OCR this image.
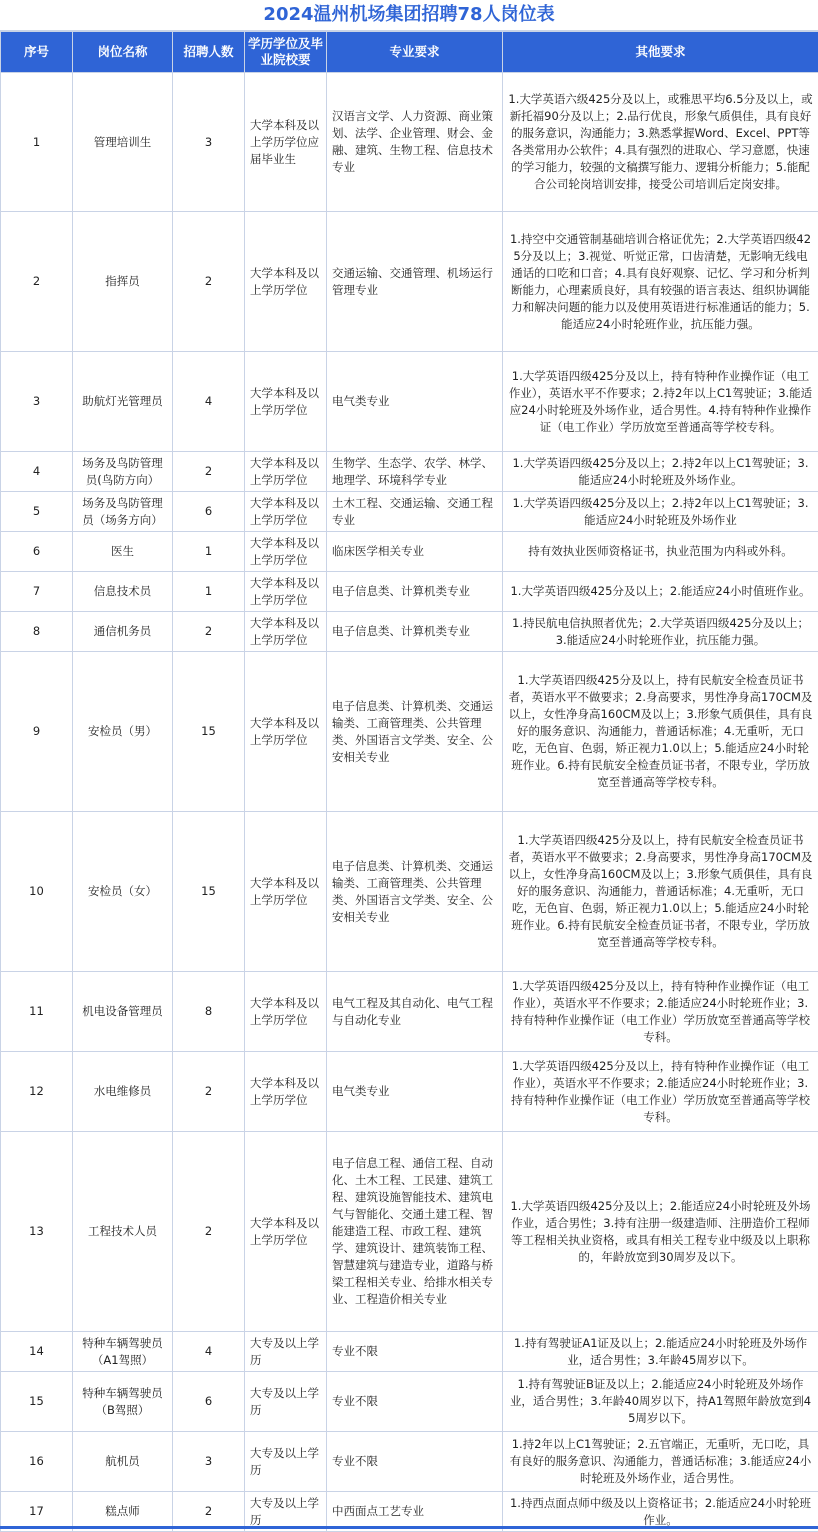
2024温州机场集团招聘78人岗位表
序号	岗位名称	招聘人数	学历学位及毕业院校要	专业要求	其他要求
1	管理培训生	3	大学本科及以上学历学位应届毕业生	汉语言文学、人力资源、商业策划、法学、企业管理、财会、金融、建筑、生物工程、信息技术专业	1.大学英语六级425分及以上，或雅思平均6.5分及以上，或新托福90分及以上；2.品行优良，形象气质俱佳，具有良好的服务意识，沟通能力；3.熟悉掌握Word、Excel、PPT等各类常用办公软件；4.具有强烈的进取心、学习意愿，快速的学习能力，较强的文稿撰写能力、逻辑分析能力；5.能配合公司轮岗培训安排，接受公司培训后定岗安排。
2	指挥员	2	大学本科及以上学历学位	交通运输、交通管理、机场运行管理专业	1.持空中交通管制基础培训合格证优先；2.大学英语四级425分及以上；3.视觉、听觉正常，口齿清楚，无影响无线电通话的口吃和口音；4.具有良好观察、记忆、学习和分析判断能力，心理素质良好，具有较强的语言表达、组织协调能力和解决问题的能力以及使用英语进行标准通话的能力；5.能适应24小时轮班作业，抗压能力强。
3	助航灯光管理员	4	大学本科及以上学历学位	电气类专业	1.大学英语四级425分及以上，持有特种作业操作证（电工作业），英语水平不作要求；2.持2年以上C1驾驶证；3.能适应24小时轮班及外场作业，适合男性。4.持有特种作业操作证（电工作业）学历放宽至普通高等学校专科。
4	场务及鸟防管理员(鸟防方向）	2	大学本科及以上学历学位	生物学、生态学、农学、林学、地理学、环境科学专业	1.大学英语四级425分及以上；2.持2年以上C1驾驶证；3.能适应24小时轮班及外场作业。
5	场务及鸟防管理员（场务方向）	6	大学本科及以上学历学位	土木工程、交通运输、交通工程专业	1.大学英语四级425分及以上；2.持2年以上C1驾驶证；3.能适应24小时轮班及外场作业
6	医生	1	大学本科及以上学历学位	临床医学相关专业	持有效执业医师资格证书，执业范围为内科或外科。
7	信息技术员	1	大学本科及以上学历学位	电子信息类、计算机类专业	1.大学英语四级425分及以上；2.能适应24小时值班作业。
8	通信机务员	2	大学本科及以上学历学位	电子信息类、计算机类专业	1.持民航电信执照者优先；2.大学英语四级425分及以上；3.能适应24小时轮班作业，抗压能力强。
9	安检员（男）	15	大学本科及以上学历学位	电子信息类、计算机类、交通运输类、工商管理类、公共管理类、外国语言文学类、安全、公安相关专业	1.大学英语四级425分及以上，持有民航安全检查员证书者，英语水平不做要求；2.身高要求，男性净身高170CM及以上，女性净身高160CM及以上；3.形象气质俱佳，具有良好的服务意识、沟通能力，普通话标准；4.无重听，无口吃，无色盲、色弱，矫正视力1.0以上；5.能适应24小时轮班作业。6.持有民航安全检查员证书者，不限专业，学历放宽至普通高等学校专科。
10	安检员（女）	15	大学本科及以上学历学位	电子信息类、计算机类、交通运输类、工商管理类、公共管理类、外国语言文学类、安全、公安相关专业	1.大学英语四级425分及以上，持有民航安全检查员证书者，英语水平不做要求；2.身高要求，男性净身高170CM及以上，女性净身高160CM及以上；3.形象气质俱佳，具有良好的服务意识、沟通能力，普通话标准；4.无重听，无口吃，无色盲、色弱，矫正视力1.0以上；5.能适应24小时轮班作业。6.持有民航安全检查员证书者，不限专业，学历放宽至普通高等学校专科。
11	机电设备管理员	8	大学本科及以上学历学位	电气工程及其自动化、电气工程与自动化专业	1.大学英语四级425分及以上，持有特种作业操作证（电工作业），英语水平不作要求；2.能适应24小时轮班作业；3.持有特种作业操作证（电工作业）学历放宽至普通高等学校专科。
12	水电维修员	2	大学本科及以上学历学位	电气类专业	1.大学英语四级425分及以上，持有特种作业操作证（电工作业），英语水平不作要求；2.能适应24小时轮班作业；3.持有特种作业操作证（电工作业）学历放宽至普通高等学校专科。
13	工程技术人员	2	大学本科及以上学历学位	电子信息工程、通信工程、自动化、土木工程、工民建、建筑工程、建筑设施智能技术、建筑电气与智能化、交通土建工程、智能建造工程、市政工程、建筑学、建筑设计、建筑装饰工程、智慧建筑与建造专业，道路与桥梁工程相关专业、给排水相关专业、工程造价相关专业	1.大学英语四级425分及以上；2.能适应24小时轮班及外场作业，适合男性；3.持有注册一级建造师、注册造价工程师等工程相关执业资格，或具有相关工程专业中级及以上职称的，年龄放宽到30周岁及以下。
14	特种车辆驾驶员（A1驾照）	4	大专及以上学历	专业不限	1.持有驾驶证A1证及以上；2.能适应24小时轮班及外场作业，适合男性；3.年龄45周岁以下。
15	特种车辆驾驶员（B驾照）	6	大专及以上学历	专业不限	1.持有驾驶证B证及以上；2.能适应24小时轮班及外场作业，适合男性；3.年龄40周岁以下，持A1驾照年龄放宽到45周岁以下。
16	航机员	3	大专及以上学历	专业不限	1.持2年以上C1驾驶证；2.五官端正，无重听，无口吃，具有良好的服务意识、沟通能力，普通话标准；3.能适应24小时轮班及外场作业，适合男性。
17	糕点师	2	大专及以上学历	中西面点工艺专业	1.持西点面点师中级及以上资格证书；2.能适应24小时轮班作业。
